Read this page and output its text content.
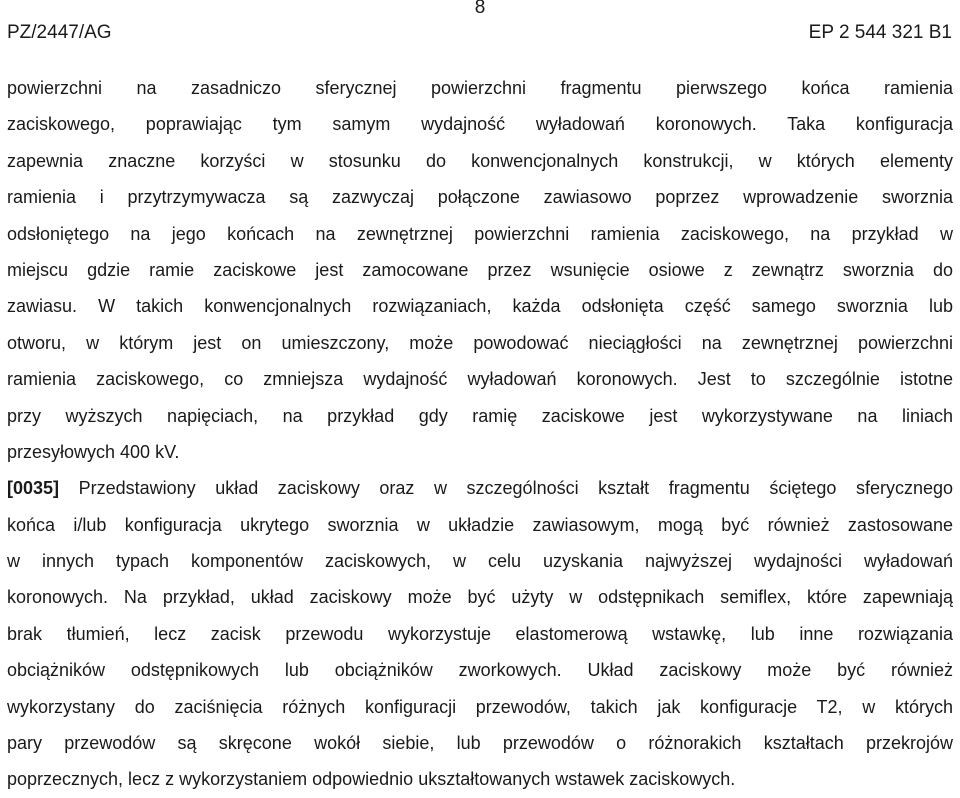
8
PZ/2447/AG	EP 2 544 321 B1
powierzchni na zasadniczo sferycznej powierzchni fragmentu pierwszego końca ramienia
zaciskowego, poprawiając tym samym wydajność wyładowań koronowych. Taka konfiguracja
zapewnia znaczne korzyści w stosunku do konwencjonalnych konstrukcji, w których elementy
ramienia i przytrzymywacza są zazwyczaj połączone zawiasowo poprzez wprowadzenie sworznia
odsłoniętego na jego końcach na zewnętrznej powierzchni ramienia zaciskowego, na przykład w
miejscu gdzie ramie zaciskowe jest zamocowane przez wsunięcie osiowe z zewnątrz sworznia do
zawiasu. W takich konwencjonalnych rozwiązaniach, każda odsłonięta część samego sworznia lub
otworu, w którym jest on umieszczony, może powodować nieciągłości na zewnętrznej powierzchni
ramienia zaciskowego, co zmniejsza wydajność wyładowań koronowych. Jest to szczególnie istotne
przy wyższych napięciach, na przykład gdy ramię zaciskowe jest wykorzystywane na liniach
przesyłowych 400 kV.
[0035] Przedstawiony układ zaciskowy oraz w szczególności kształt fragmentu ściętego sferycznego
końca i/lub konfiguracja ukrytego sworznia w układzie zawiasowym, mogą być również zastosowane
w innych typach komponentów zaciskowych, w celu uzyskania najwyższej wydajności wyładowań
koronowych. Na przykład, układ zaciskowy może być użyty w odstępnikach semiflex, które zapewniają
brak tłumień, lecz zacisk przewodu wykorzystuje elastomerową wstawkę, lub inne rozwiązania
obciążników odstępnikowych lub obciążników zworkowych. Układ zaciskowy może być również
wykorzystany do zaciśnięcia różnych konfiguracji przewodów, takich jak konfiguracje T2, w których
pary przewodów są skręcone wokół siebie, lub przewodów o różnorakich kształtach przekrojów
poprzecznych, lecz z wykorzystaniem odpowiednio ukształtowanych wstawek zaciskowych.
